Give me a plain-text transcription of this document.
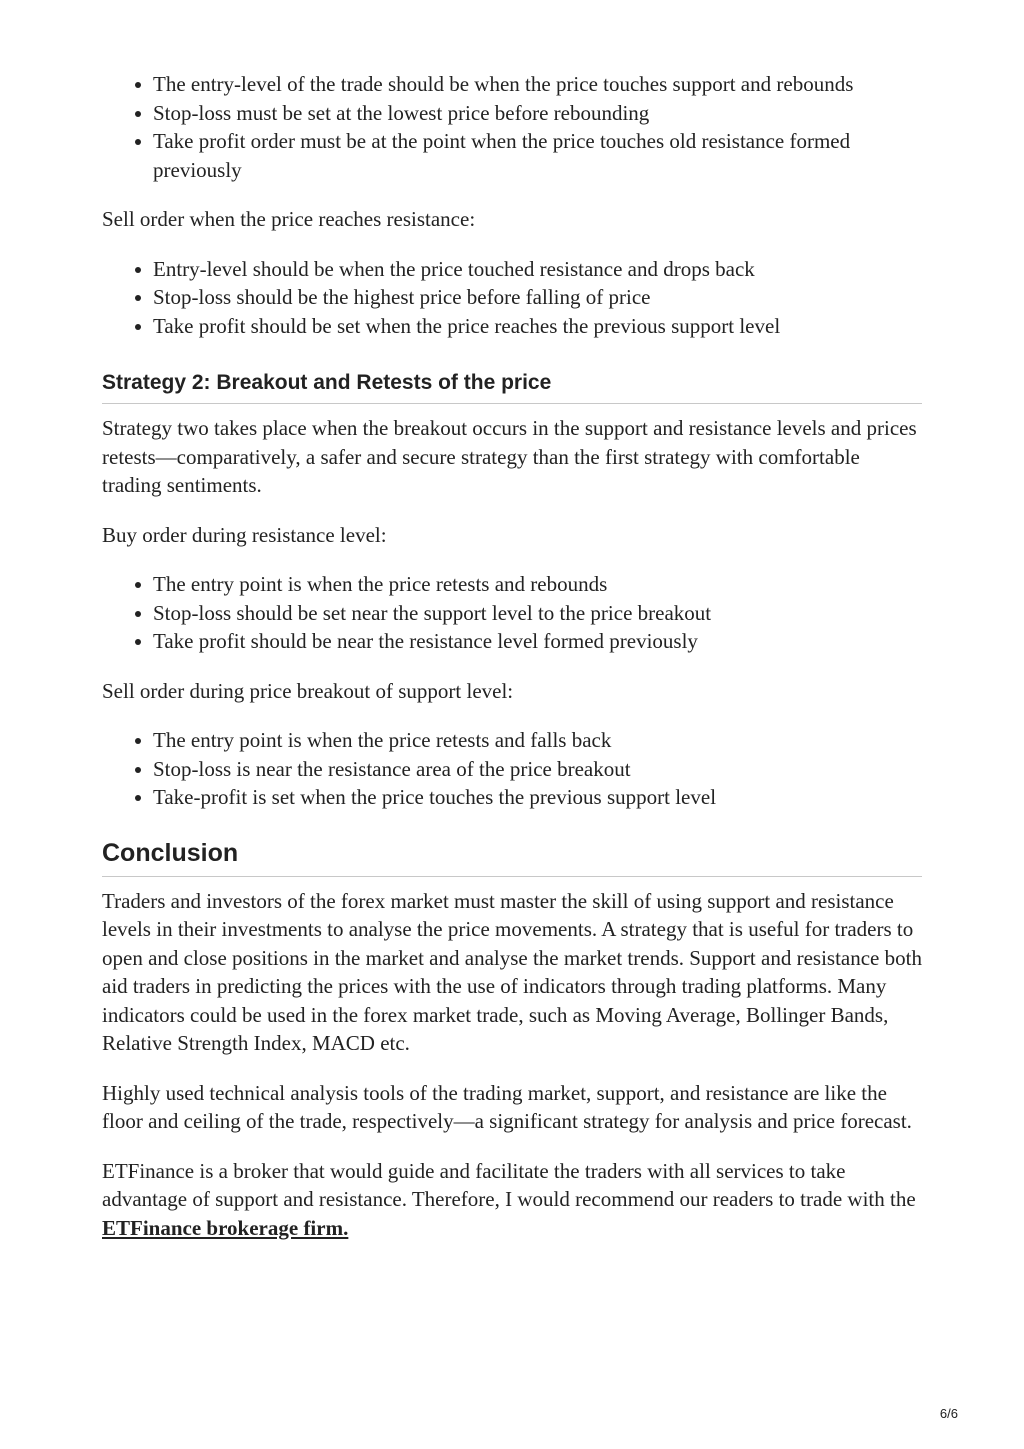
The entry-level of the trade should be when the price touches support and rebounds
Stop-loss must be set at the lowest price before rebounding
Take profit order must be at the point when the price touches old resistance formed previously

Sell order when the price reaches resistance:

Entry-level should be when the price touched resistance and drops back
Stop-loss should be the highest price before falling of price
Take profit should be set when the price reaches the previous support level
Strategy 2: Breakout and Retests of the price

Strategy two takes place when the breakout occurs in the support and resistance levels and prices retests—comparatively, a safer and secure strategy than the first strategy with comfortable trading sentiments.

Buy order during resistance level:

The entry point is when the price retests and rebounds
Stop-loss should be set near the support level to the price breakout
Take profit should be near the resistance level formed previously

Sell order during price breakout of support level:

The entry point is when the price retests and falls back
Stop-loss is near the resistance area of the price breakout
Take-profit is set when the price touches the previous support level
Conclusion

Traders and investors of the forex market must master the skill of using support and resistance levels in their investments to analyse the price movements. A strategy that is useful for traders to open and close positions in the market and analyse the market trends. Support and resistance both aid traders in predicting the prices with the use of indicators through trading platforms. Many indicators could be used in the forex market trade, such as Moving Average, Bollinger Bands, Relative Strength Index, MACD etc.

Highly used technical analysis tools of the trading market, support, and resistance are like the floor and ceiling of the trade, respectively—a significant strategy for analysis and price forecast.

ETFinance is a broker that would guide and facilitate the traders with all services to take advantage of support and resistance. Therefore, I would recommend our readers to trade with the ETFinance brokerage firm.

6/6
